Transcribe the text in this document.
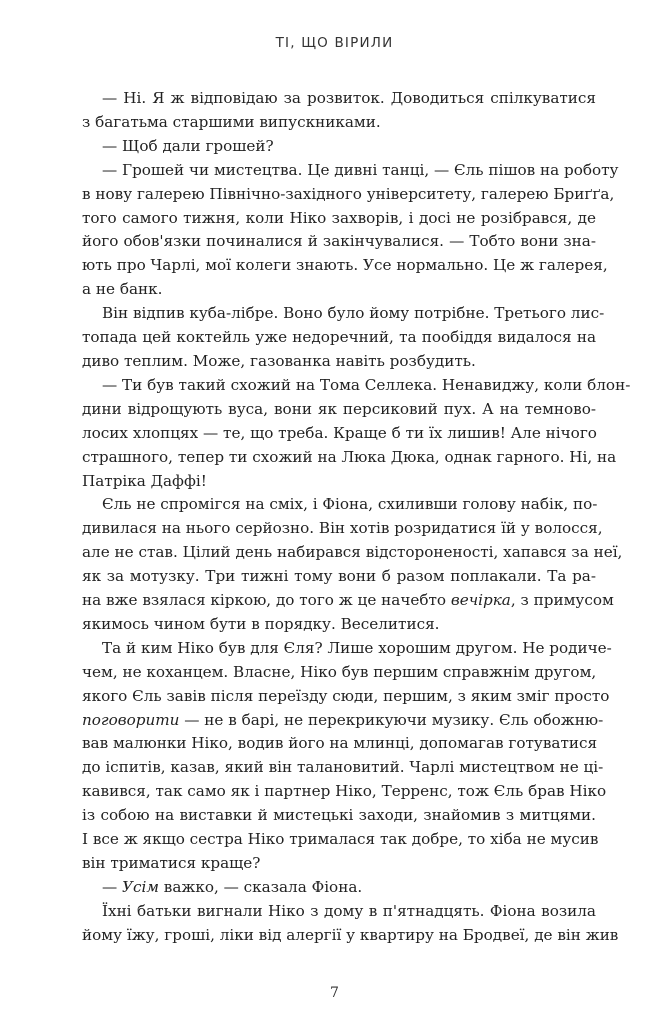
ТІ, ЩО ВІРИЛИ

— Ні. Я ж відповідаю за розвиток. Доводиться спілкуватися
з багатьма старшими випускниками.

— Щоб дали грошей?

— Грошей чи мистецтва. Це дивні танці, — Єль пішов на роботу
в нову галерею Північно-західного університету, галерею Бриґґа,
того самого тижня, коли Ніко захворів, і досі не розібрався, де
його обов'язки починалися й закінчувалися. — Тобто вони зна-
ють про Чарлі, мої колеги знають. Усе нормально. Це ж галерея,
а не банк.

Він відпив куба-лібре. Воно було йому потрібне. Третього лис-
топада цей коктейль уже недоречний, та пообіддя видалося на
диво теплим. Може, газованка навіть розбудить.

— Ти був такий схожий на Тома Селлека. Ненавиджу, коли блон-
дини відрощують вуса, вони як персиковий пух. А на темново-
лосих хлопцях — те, що треба. Краще б ти їх лишив! Але нічого
страшного, тепер ти схожий на Люка Дюка, однак гарного. Ні, на
Патріка Даффі!

Єль не спромігся на сміх, і Фіона, схиливши голову набік, по-
дивилася на нього серйозно. Він хотів розридатися їй у волосся,
але не став. Цілий день набирався відстороненості, хапався за неї,
як за мотузку. Три тижні тому вони б разом поплакали. Та ра-
на вже взялася кіркою, до того ж це начебто вечірка, з примусом
якимось чином бути в порядку. Веселитися.

Та й ким Ніко був для Єля? Лише хорошим другом. Не родиче-
чем, не коханцем. Власне, Ніко був першим справжнім другом,
якого Єль завів після переїзду сюди, першим, з яким зміг просто
поговорити — не в барі, не перекрикуючи музику. Єль обожню-
вав малюнки Ніко, водив його на млинці, допомагав готуватися
до іспитів, казав, який він талановитий. Чарлі мистецтвом не ці-
кавився, так само як і партнер Ніко, Терренс, тож Єль брав Ніко
із собою на виставки й мистецькі заходи, знайомив з митцями.
І все ж якщо сестра Ніко трималася так добре, то хіба не мусив
він триматися краще?

— Усім важко, — сказала Фіона.

Їхні батьки вигнали Ніко з дому в п'ятнадцять. Фіона возила
йому їжу, гроші, ліки від алергії у квартиру на Бродвеї, де він жив

7
